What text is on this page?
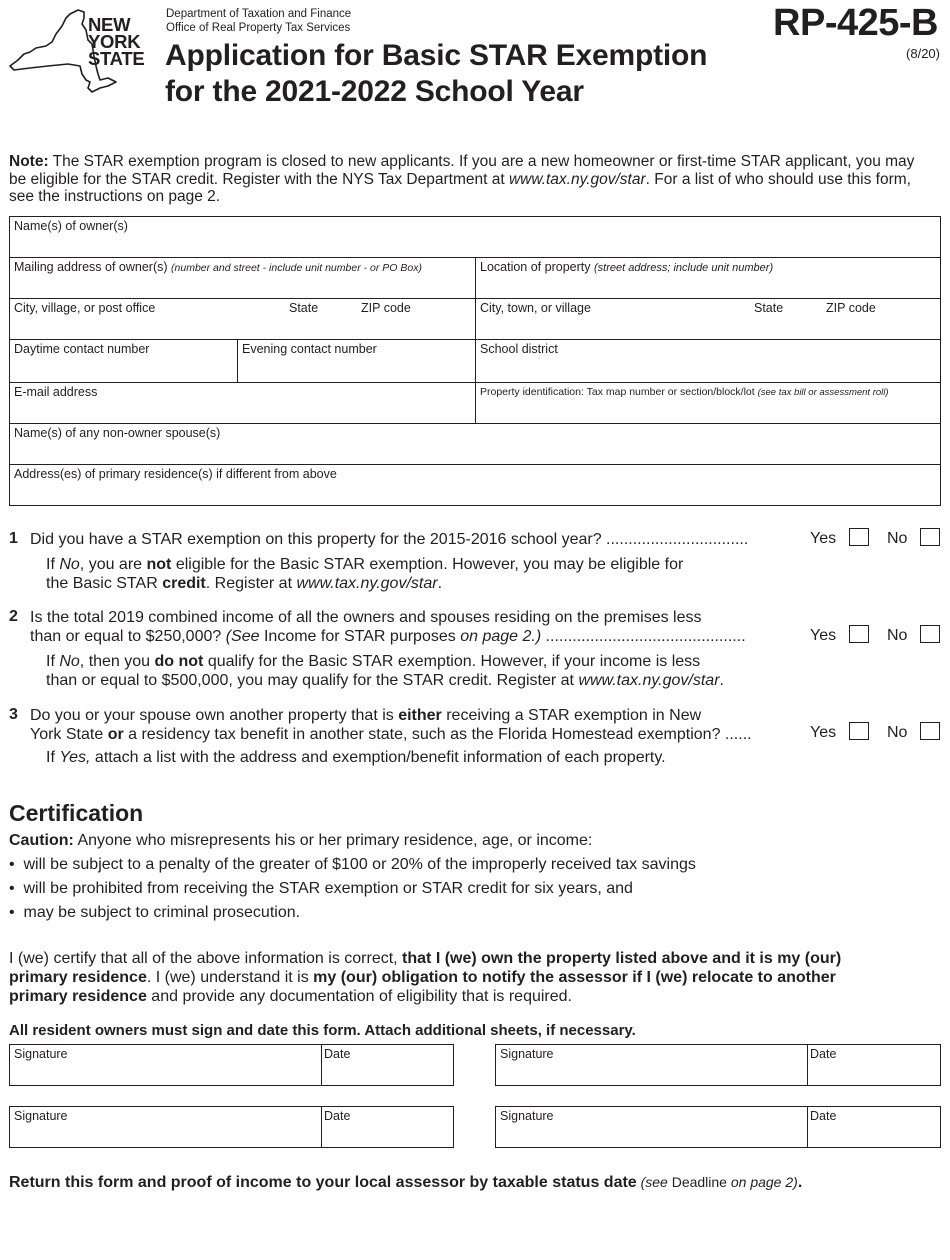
NEW
YORK
STATE
Department of Taxation and Finance
Office of Real Property Tax Services
Application for Basic STAR Exemption
for the 2021-2022 School Year
RP-425-B
(8/20)
Note: The STAR exemption program is closed to new applicants. If you are a new homeowner or first-time STAR applicant, you may be eligible for the STAR credit. Register with the NYS Tax Department at www.tax.ny.gov/star. For a list of who should use this form, see the instructions on page 2.
Name(s) of owner(s)
Mailing address of owner(s) (number and street - include unit number - or PO Box)	Location of property (street address; include unit number)
City, village, or post office	State	ZIP code	City, town, or village	State	ZIP code
Daytime contact number	Evening contact number	School district
E-mail address	Property identification: Tax map number or section/block/lot (see tax bill or assessment roll)
Name(s) of any non-owner spouse(s)
Address(es) of primary residence(s) if different from above
1 Did you have a STAR exemption on this property for the 2015-2016 school year? ................................	Yes	No
If No, you are not eligible for the Basic STAR exemption. However, you may be eligible for
the Basic STAR credit. Register at www.tax.ny.gov/star.
2 Is the total 2019 combined income of all the owners and spouses residing on the premises less
than or equal to $250,000? (See Income for STAR purposes on page 2.) .............................................	Yes	No
If No, then you do not qualify for the Basic STAR exemption. However, if your income is less
than or equal to $500,000, you may qualify for the STAR credit. Register at www.tax.ny.gov/star.
3 Do you or your spouse own another property that is either receiving a STAR exemption in New
York State or a residency tax benefit in another state, such as the Florida Homestead exemption? ......	Yes	No
If Yes, attach a list with the address and exemption/benefit information of each property.
Certification
Caution: Anyone who misrepresents his or her primary residence, age, or income:
•  will be subject to a penalty of the greater of $100 or 20% of the improperly received tax savings
•  will be prohibited from receiving the STAR exemption or STAR credit for six years, and
•  may be subject to criminal prosecution.
I (we) certify that all of the above information is correct, that I (we) own the property listed above and it is my (our)
primary residence. I (we) understand it is my (our) obligation to notify the assessor if I (we) relocate to another
primary residence and provide any documentation of eligibility that is required.
All resident owners must sign and date this form. Attach additional sheets, if necessary.
Signature	Date	Signature	Date
Signature	Date	Signature	Date
Return this form and proof of income to your local assessor by taxable status date (see Deadline on page 2).
